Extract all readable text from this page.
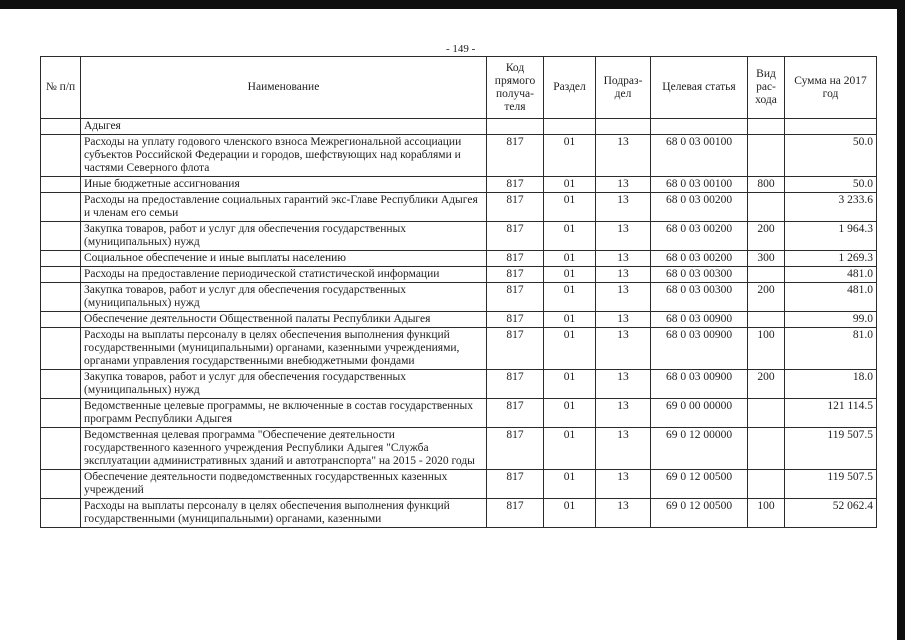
- 149 -
№ п/п	Наименование	Код прямого получа-теля	Раздел	Подраз-дел	Целевая статья	Вид рас-хода	Сумма на 2017 год
	Адыгея						
	Расходы на уплату годового членского взноса Межрегиональной ассоциации субъектов Российской Федерации и городов, шефствующих над кораблями и частями Северного флота	817	01	13	68 0 03 00100		50.0
	Иные бюджетные ассигнования	817	01	13	68 0 03 00100	800	50.0
	Расходы на предоставление социальных гарантий экс-Главе Республики Адыгея и членам его семьи	817	01	13	68 0 03 00200		3 233.6
	Закупка товаров, работ и услуг для обеспечения государственных (муниципальных) нужд	817	01	13	68 0 03 00200	200	1 964.3
	Социальное обеспечение и иные выплаты населению	817	01	13	68 0 03 00200	300	1 269.3
	Расходы на предоставление периодической статистической информации	817	01	13	68 0 03 00300		481.0
	Закупка товаров, работ и услуг для обеспечения государственных (муниципальных) нужд	817	01	13	68 0 03 00300	200	481.0
	Обеспечение деятельности Общественной палаты Республики Адыгея	817	01	13	68 0 03 00900		99.0
	Расходы на выплаты персоналу в целях обеспечения выполнения функций государственными (муниципальными) органами, казенными учреждениями, органами управления государственными внебюджетными фондами	817	01	13	68 0 03 00900	100	81.0
	Закупка товаров, работ и услуг для обеспечения государственных (муниципальных) нужд	817	01	13	68 0 03 00900	200	18.0
	Ведомственные целевые программы, не включенные в состав государственных программ Республики Адыгея	817	01	13	69 0 00 00000		121 114.5
	Ведомственная целевая программа "Обеспечение деятельности государственного казенного учреждения Республики Адыгея "Служба эксплуатации административных зданий и автотранспорта" на 2015 - 2020 годы	817	01	13	69 0 12 00000		119 507.5
	Обеспечение деятельности подведомственных государственных казенных учреждений	817	01	13	69 0 12 00500		119 507.5
	Расходы на выплаты персоналу в целях обеспечения выполнения функций государственными (муниципальными) органами, казенными	817	01	13	69 0 12 00500	100	52 062.4
